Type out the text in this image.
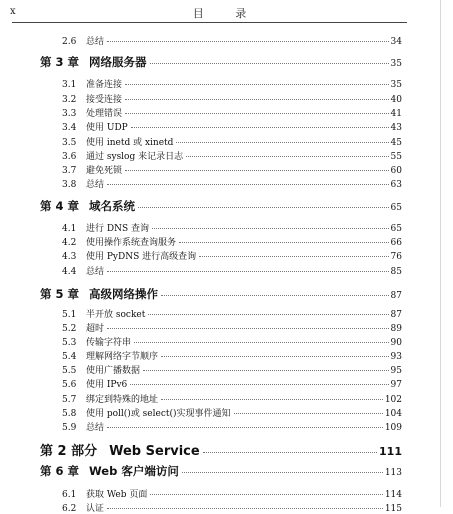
x	目 录
2.6	总结	34
第 3 章 网络服务器	35
3.1	准备连接	35
3.2	接受连接	40
3.3	处理错误	41
3.4	使用 UDP	43
3.5	使用 inetd 或 xinetd	45
3.6	通过 syslog 来记录日志	55
3.7	避免死锁	60
3.8	总结	63
第 4 章 域名系统	65
4.1	进行 DNS 查询	65
4.2	使用操作系统查询服务	66
4.3	使用 PyDNS 进行高级查询	76
4.4	总结	85
第 5 章 高级网络操作	87
5.1	半开放 socket	87
5.2	超时	89
5.3	传输字符串	90
5.4	理解网络字节顺序	93
5.5	使用广播数据	95
5.6	使用 IPv6	97
5.7	绑定到特殊的地址	102
5.8	使用 poll()或 select()实现事件通知	104
5.9	总结	109
第 2 部分 Web Service	111
第 6 章 Web 客户端访问	113
6.1	获取 Web 页面	114
6.2	认证	115
